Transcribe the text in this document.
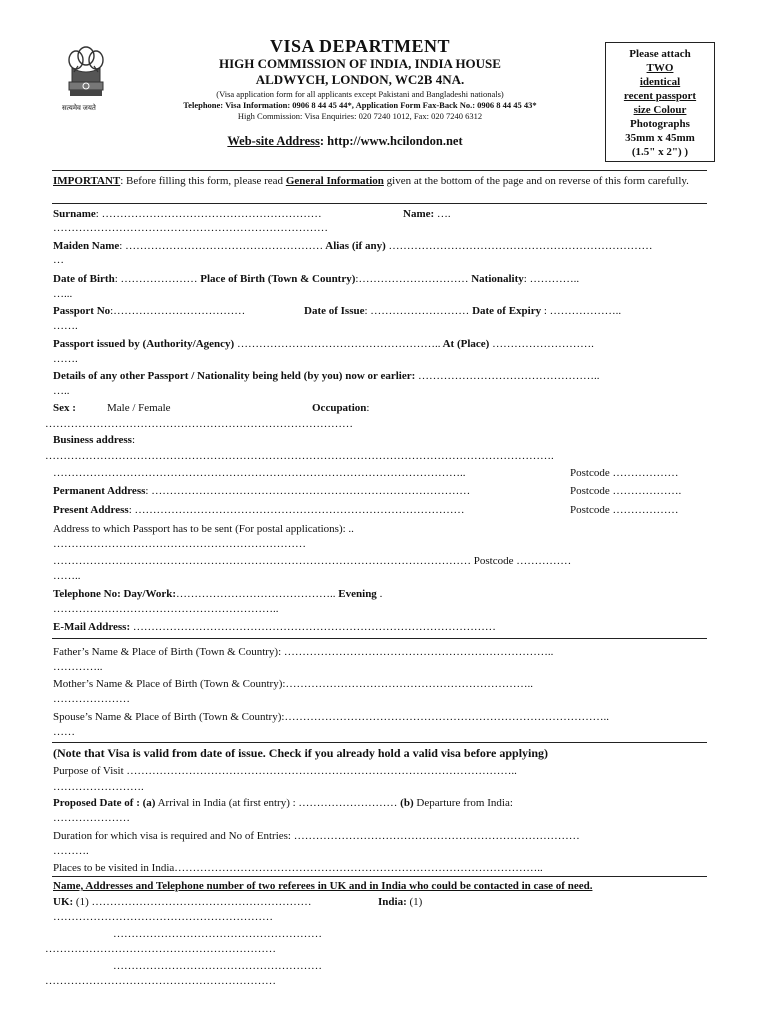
सत्यमेव जयते
VISA DEPARTMENT
HIGH COMMISSION OF INDIA, INDIA HOUSE
ALDWYCH, LONDON, WC2B 4NA.
(Visa application form for all applicants except Pakistani and Bangladeshi nationals)
Telephone: Visa Information: 0906 8 44 45 44*, Application Form Fax-Back No.: 0906 8 44 45 43*
High Commission: Visa Enquiries: 020 7240 1012, Fax: 020 7240 6312
Web-site Address: http://www.hcilondon.net
Please attach
TWO
identical
recent passport
size Colour
Photographs
35mm x 45mm
(1.5" x 2") )
IMPORTANT: Before filling this form, please read General Information given at the bottom of the page and on reverse of this form carefully.
Surname: ……………………………………………………	Name: ….
…………………………………………………………………
Maiden Name: ……………………………………………… Alias (if any) ………………………………………………………………
…
Date of Birth: ………………… Place of Birth (Town & Country):………………………… Nationality: …………..
…...
Passport No:………………………………	Date of Issue: ……………………… Date of Expiry : ………………..
…….
Passport issued by (Authority/Agency) ……………………………………………….. At (Place) ……………………….
…….
Details of any other Passport / Nationality being held (by you) now or earlier: …………………………………………..
…..
Sex :	Male / Female	Occupation:
…………………………………………………………………………
Business address:
………………………………………………………………………………………………………………………….
…………………………………………………………………………………………………..	Postcode ………………
Permanent Address: ……………………………………………………………………………	Postcode ……………….
Present Address: ………………………………………………………………………………	Postcode ………………
Address to which Passport has to be sent (For postal applications): ..
……………………………………………………………
…………………………………………………………………………………………………… Postcode ……………
……..
Telephone No: Day/Work:…………………………………….. Evening .
……………………………………………………..
E-Mail Address: ………………………………………………………………………………………
Father’s Name & Place of Birth (Town & Country): ………………………………………………………………..
…………..
Mother’s Name & Place of Birth (Town & Country):…………………………………………………………..
…………………
Spouse’s Name & Place of Birth (Town & Country):……………………………………………………………………………..
……
(Note that Visa is valid from date of issue. Check if you already hold a valid visa before applying)
Purpose of Visit ……………………………………………………………………………………………..
…………………….
Proposed Date of : (a) Arrival in India (at first entry) : ……………………… (b) Departure from India:
…………………
Duration for which visa is required and No of Entries: ……………………………………………………………………
……….
Places to be visited in India………………………………………………………………………………………..
Name, Addresses and Telephone number of two referees in UK and in India who could be contacted in case of need.
UK: (1) ……………………………………………………	India: (1)
……………………………………………………
…………………………………………………
………………………………………………………
…………………………………………………
………………………………………………………
